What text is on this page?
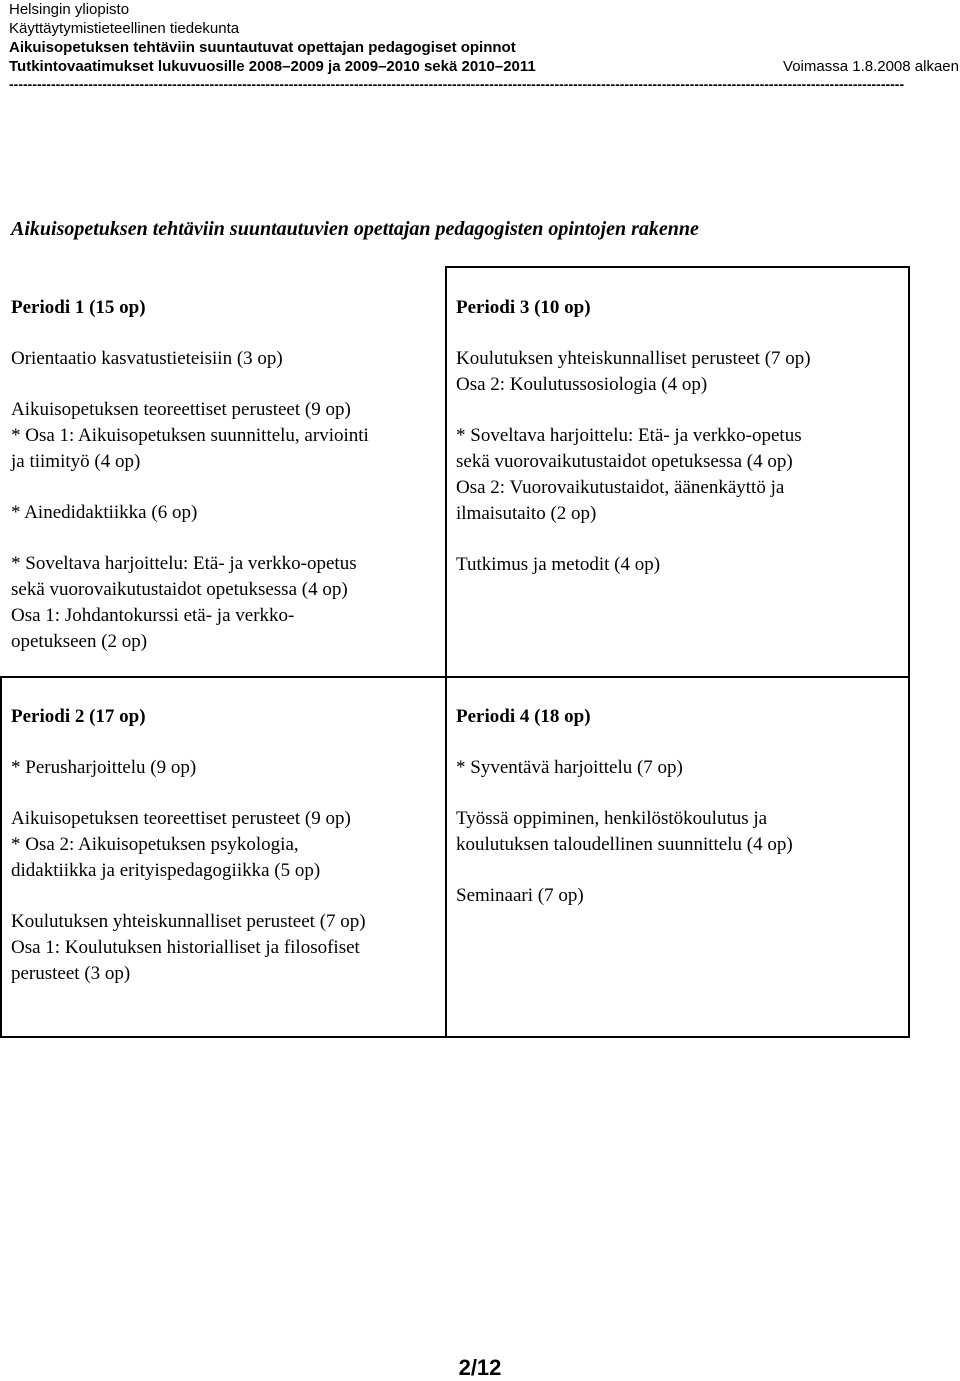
Helsingin yliopisto
Käyttäytymistieteellinen tiedekunta
Aikuisopetuksen tehtäviin suuntautuvat opettajan pedagogiset opinnot
Tutkintovaatimukset lukuvuosille 2008–2009 ja 2009–2010 sekä 2010–2011	Voimassa 1.8.2008 alkaen
------------------------------------------------------------------------------------------------------------------------------------------------------------------------------------------------
Aikuisopetuksen tehtäviin suuntautuvien opettajan pedagogisten opintojen rakenne
Periodi 1 (15 op)
Orientaatio kasvatustieteisiin (3 op)
Aikuisopetuksen teoreettiset perusteet (9 op)
* Osa 1: Aikuisopetuksen suunnittelu, arviointi
ja tiimityö (4 op)
* Ainedidaktiikka (6 op)
* Soveltava harjoittelu: Etä- ja verkko-opetus
sekä vuorovaikutustaidot opetuksessa (4 op)
Osa 1: Johdantokurssi etä- ja verkko-
opetukseen (2 op)
Periodi 3 (10 op)
Koulutuksen yhteiskunnalliset perusteet (7 op)
Osa 2: Koulutussosiologia (4 op)
* Soveltava harjoittelu: Etä- ja verkko-opetus
sekä vuorovaikutustaidot opetuksessa (4 op)
Osa 2: Vuorovaikutustaidot, äänenkäyttö ja
ilmaisutaito (2 op)
Tutkimus ja metodit (4 op)
Periodi 2 (17 op)
* Perusharjoittelu (9 op)
Aikuisopetuksen teoreettiset perusteet (9 op)
* Osa 2: Aikuisopetuksen psykologia,
didaktiikka ja erityispedagogiikka (5 op)
Koulutuksen yhteiskunnalliset perusteet (7 op)
Osa 1: Koulutuksen historialliset ja filosofiset
perusteet (3 op)
Periodi 4 (18 op)
* Syventävä harjoittelu (7 op)
Työssä oppiminen, henkilöstökoulutus ja
koulutuksen taloudellinen suunnittelu (4 op)
Seminaari (7 op)
2/12
